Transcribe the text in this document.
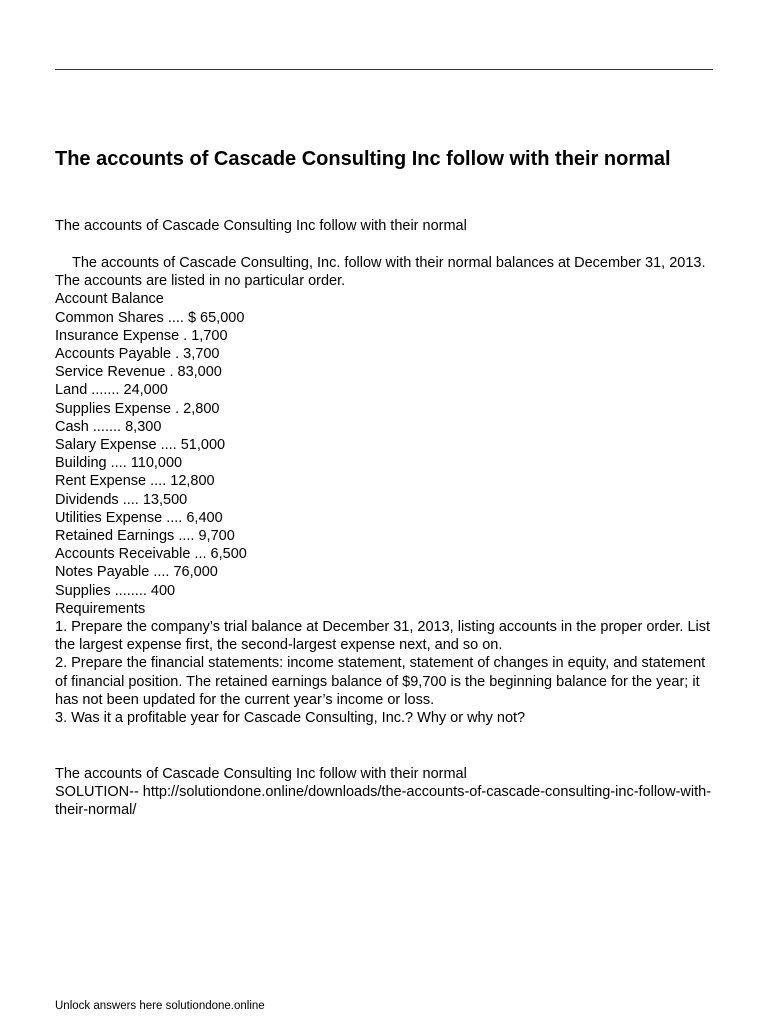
The accounts of Cascade Consulting Inc follow with their normal

The accounts of Cascade Consulting Inc follow with their normal

The accounts of Cascade Consulting, Inc. follow with their normal balances at December 31, 2013. The accounts are listed in no particular order.
Account Balance
Common Shares .... $ 65,000
Insurance Expense . 1,700
Accounts Payable . 3,700
Service Revenue . 83,000
Land ....... 24,000
Supplies Expense . 2,800
Cash ....... 8,300
Salary Expense .... 51,000
Building .... 110,000
Rent Expense .... 12,800
Dividends .... 13,500
Utilities Expense .... 6,400
Retained Earnings .... 9,700
Accounts Receivable ... 6,500
Notes Payable .... 76,000
Supplies ........ 400
Requirements
1. Prepare the company’s trial balance at December 31, 2013, listing accounts in the proper order. List the largest expense first, the second-largest expense next, and so on.
2. Prepare the financial statements: income statement, statement of changes in equity, and statement of financial position. The retained earnings balance of $9,700 is the beginning balance for the year; it has not been updated for the current year’s income or loss.
3. Was it a profitable year for Cascade Consulting, Inc.? Why or why not?
The accounts of Cascade Consulting Inc follow with their normal
SOLUTION-- http://solutiondone.online/downloads/the-accounts-of-cascade-consulting-inc-follow-with-their-normal/
Unlock answers here solutiondone.online
